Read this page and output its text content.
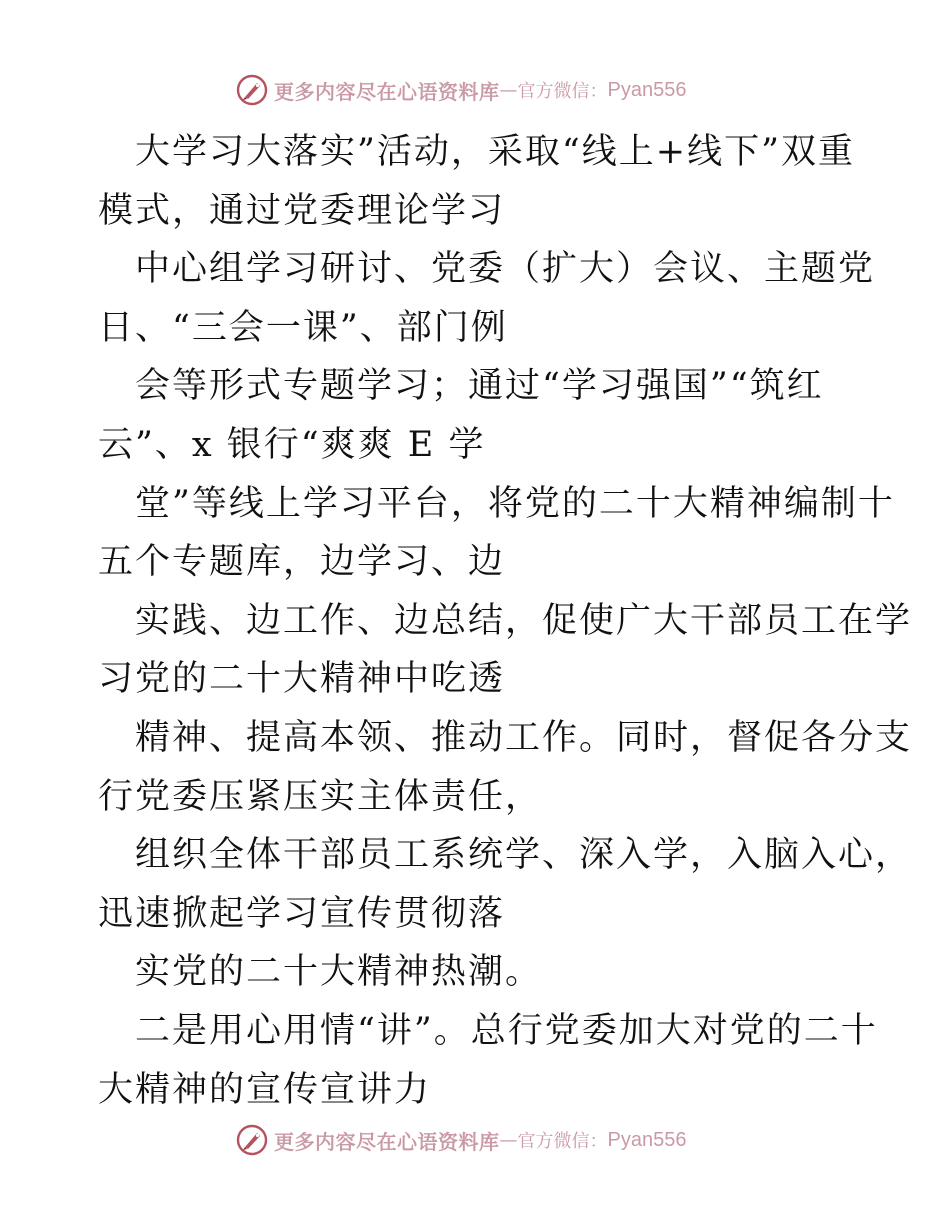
更多内容尽在心语资料库 — 官方微信： Pyan556
大学习大落实”活动，采取“线上+线下”双重
模式，通过党委理论学习
中心组学习研讨、党委（扩大）会议、主题党
日、“三会一课”、部门例
会等形式专题学习；通过“学习强国”“筑红
云”、x 银行“爽爽 E 学
堂”等线上学习平台，将党的二十大精神编制十
五个专题库，边学习、边
实践、边工作、边总结，促使广大干部员工在学
习党的二十大精神中吃透
精神、提高本领、推动工作。同时，督促各分支
行党委压紧压实主体责任，
组织全体干部员工系统学、深入学，入脑入心，
迅速掀起学习宣传贯彻落
实党的二十大精神热潮。
二是用心用情“讲”。总行党委加大对党的二十
大精神的宣传宣讲力
更多内容尽在心语资料库 — 官方微信： Pyan556
